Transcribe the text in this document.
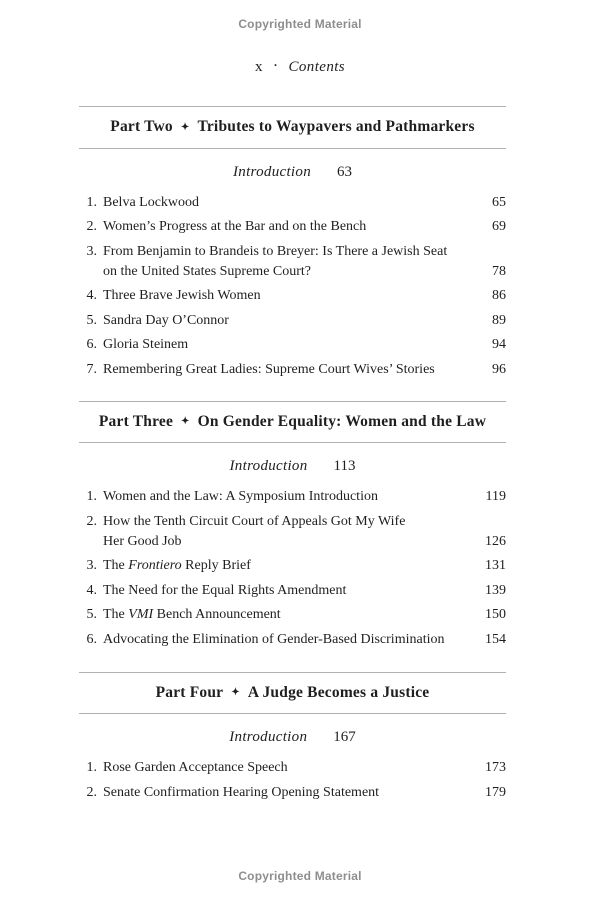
Copyrighted Material
x · Contents
Part Two ✦ Tributes to Waypavers and Pathmarkers
Introduction 63
1. Belva Lockwood	65
2. Women’s Progress at the Bar and on the Bench	69
3. From Benjamin to Brandeis to Breyer: Is There a Jewish Seat
on the United States Supreme Court?	78
4. Three Brave Jewish Women	86
5. Sandra Day O’Connor	89
6. Gloria Steinem	94
7. Remembering Great Ladies: Supreme Court Wives’ Stories	96
Part Three ✦ On Gender Equality: Women and the Law
Introduction 113
1. Women and the Law: A Symposium Introduction	119
2. How the Tenth Circuit Court of Appeals Got My Wife
Her Good Job	126
3. The Frontiero Reply Brief	131
4. The Need for the Equal Rights Amendment	139
5. The VMI Bench Announcement	150
6. Advocating the Elimination of Gender-Based Discrimination	154
Part Four ✦ A Judge Becomes a Justice
Introduction 167
1. Rose Garden Acceptance Speech	173
2. Senate Confirmation Hearing Opening Statement	179
Copyrighted Material
